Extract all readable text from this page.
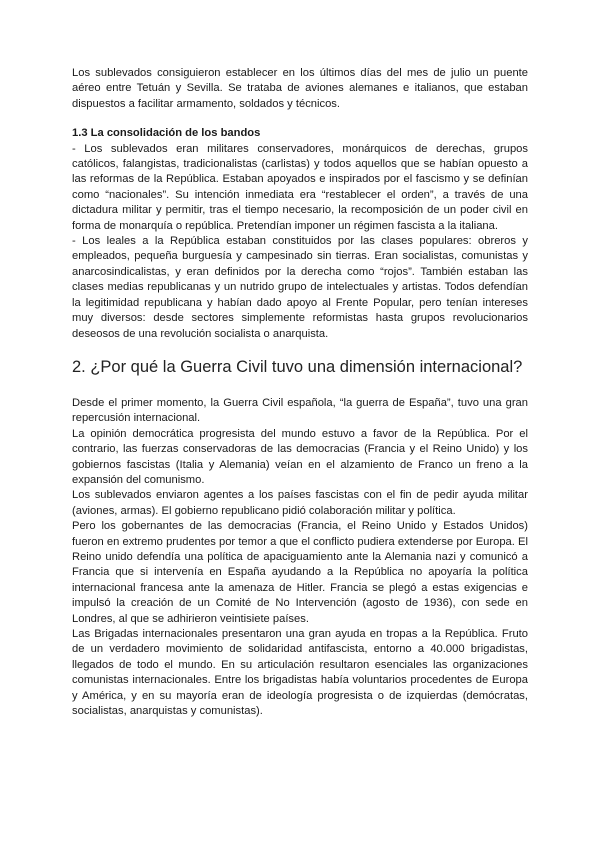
Los sublevados consiguieron establecer en los últimos días del mes de julio un puente aéreo entre Tetuán y Sevilla. Se trataba de aviones alemanes e italianos, que estaban dispuestos a facilitar armamento, soldados y técnicos.

1.3 La consolidación de los bandos

- Los sublevados eran militares conservadores, monárquicos de derechas, grupos católicos, falangistas, tradicionalistas (carlistas) y todos aquellos que se habían opuesto a las reformas de la República. Estaban apoyados e inspirados por el fascismo y se definían como “nacionales”. Su intención inmediata era “restablecer el orden”, a través de una dictadura militar y permitir, tras el tiempo necesario, la recomposición de un poder civil en forma de monarquía o república. Pretendían imponer un régimen fascista a la italiana.

- Los leales a la República estaban constituidos por las clases populares: obreros y empleados, pequeña burguesía y campesinado sin tierras. Eran socialistas, comunistas y anarcosindicalistas, y eran definidos por la derecha como “rojos”. También estaban las clases medias republicanas y un nutrido grupo de intelectuales y artistas. Todos defendían la legitimidad republicana y habían dado apoyo al Frente Popular, pero tenían intereses muy diversos: desde sectores simplemente reformistas hasta grupos revolucionarios deseosos de una revolución socialista o anarquista.

2. ¿Por qué la Guerra Civil tuvo una dimensión internacional?

Desde el primer momento, la Guerra Civil española, “la guerra de España”, tuvo una gran repercusión internacional.

La opinión democrática progresista del mundo estuvo a favor de la República. Por el contrario, las fuerzas conservadoras de las democracias (Francia y el Reino Unido) y los gobiernos fascistas (Italia y Alemania) veían en el alzamiento de Franco un freno a la expansión del comunismo.

Los sublevados enviaron agentes a los países fascistas con el fin de pedir ayuda militar (aviones, armas). El gobierno republicano pidió colaboración militar y política.

Pero los gobernantes de las democracias (Francia, el Reino Unido y Estados Unidos) fueron en extremo prudentes por temor a que el conflicto pudiera extenderse por Europa. El Reino unido defendía una política de apaciguamiento ante la Alemania nazi y comunicó a Francia que si intervenía en España ayudando a la República no apoyaría la política internacional francesa ante la amenaza de Hitler. Francia se plegó a estas exigencias e impulsó la creación de un Comité de No Intervención (agosto de 1936), con sede en Londres, al que se adhirieron veintisiete países.

Las Brigadas internacionales presentaron una gran ayuda en tropas a la República. Fruto de un verdadero movimiento de solidaridad antifascista, entorno a 40.000 brigadistas, llegados de todo el mundo. En su articulación resultaron esenciales las organizaciones comunistas internacionales. Entre los brigadistas había voluntarios procedentes de Europa y América, y en su mayoría eran de ideología progresista o de izquierdas (demócratas, socialistas, anarquistas y comunistas).
